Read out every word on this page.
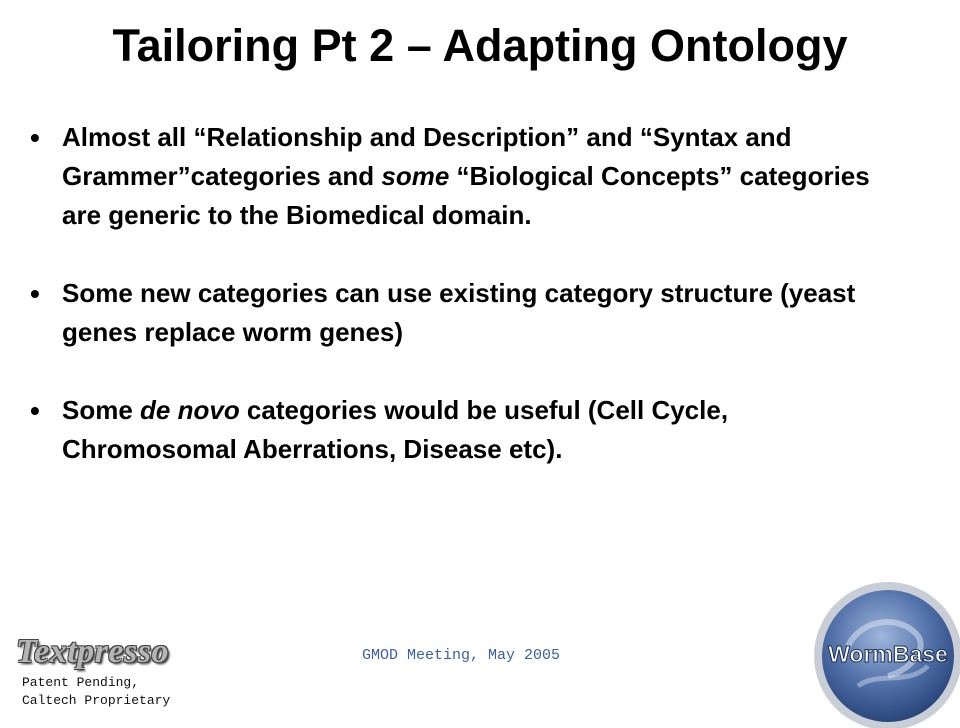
Tailoring Pt 2 – Adapting Ontology
•
Almost all “Relationship and Description” and “Syntax and Grammer”categories and some “Biological Concepts” categories are generic to the Biomedical domain.
•
Some new categories can use existing category structure (yeast genes replace worm genes)
•
Some de novo categories would be useful (Cell Cycle, Chromosomal Aberrations, Disease etc).
Textpresso
Patent Pending,
Caltech Proprietary
GMOD Meeting, May 2005	WormBase
